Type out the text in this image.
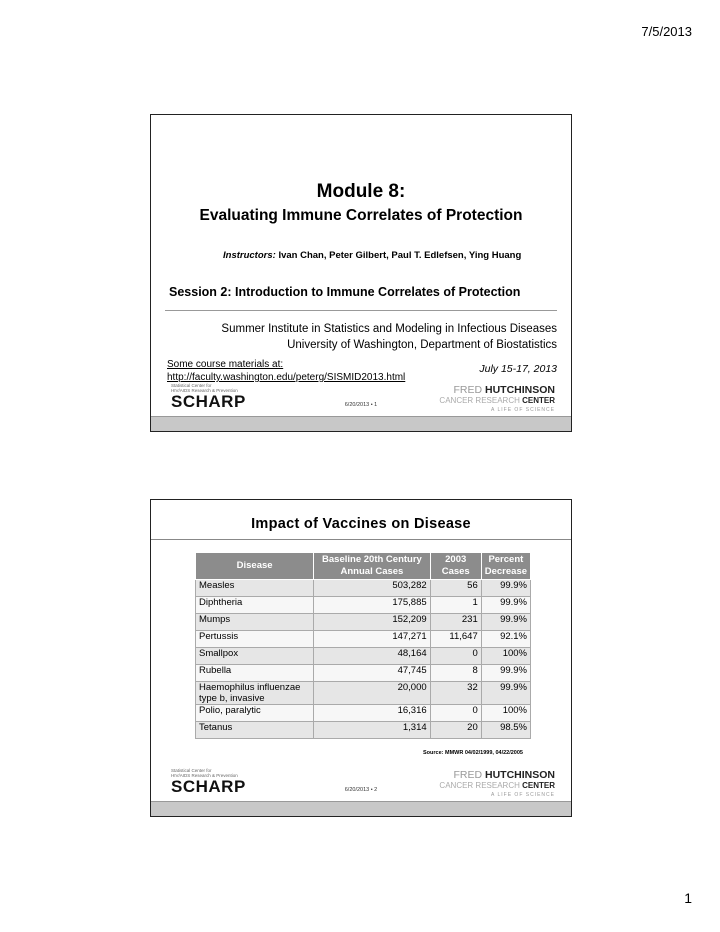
7/5/2013
Module 8:
Evaluating Immune Correlates of Protection
Instructors: Ivan Chan, Peter Gilbert, Paul T. Edlefsen, Ying Huang
Session 2: Introduction to Immune Correlates of Protection
Summer Institute in Statistics and Modeling in Infectious Diseases
University of Washington, Department of Biostatistics
Some course materials at:
http://faculty.washington.edu/peterg/SISMID2013.html
July 15-17, 2013
Statistical Center for
HIV/AIDS Research & Prevention
SCHARP	6/20/2013 • 1
FRED HUTCHINSON
CANCER RESEARCH CENTER
A LIFE OF SCIENCE
Impact of Vaccines on Disease
Disease	Baseline 20th Century Annual Cases	2003 Cases	Percent Decrease
Measles	503,282	56	99.9%
Diphtheria	175,885	1	99.9%
Mumps	152,209	231	99.9%
Pertussis	147,271	11,647	92.1%
Smallpox	48,164	0	100%
Rubella	47,745	8	99.9%
Haemophilus influenzae type b, invasive	20,000	32	99.9%
Polio, paralytic	16,316	0	100%
Tetanus	1,314	20	98.5%
Source: MMWR 04/02/1999, 04/22/2005
Statistical Center for
HIV/AIDS Research & Prevention
SCHARP	6/20/2013 • 2
FRED HUTCHINSON
CANCER RESEARCH CENTER
A LIFE OF SCIENCE
1
